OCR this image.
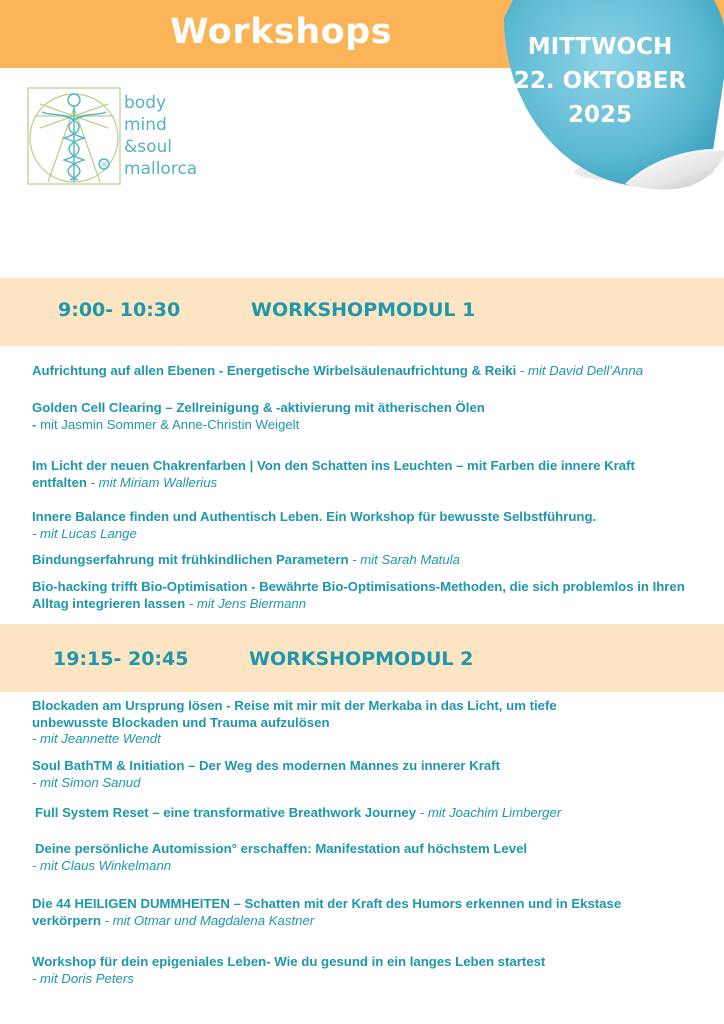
Workshops	MITTWOCH
22. OKTOBER
2025
®
body
mind
&soul
mallorca
9:00- 10:30	WORKSHOPMODUL 1
Aufrichtung auf allen Ebenen - Energetische Wirbelsäulenaufrichtung & Reiki - mit David Dell’Anna
Golden Cell Clearing – Zellreinigung & -aktivierung mit ätherischen Ölen
- mit Jasmin Sommer & Anne-Christin Weigelt
Im Licht der neuen Chakrenfarben | Von den Schatten ins Leuchten – mit Farben die innere Kraft entfalten - mit Miriam Wallerius
Innere Balance finden und Authentisch Leben. Ein Workshop für bewusste Selbstführung.
- mit Lucas Lange
Bindungserfahrung mit frühkindlichen Parametern - mit Sarah Matula
Bio-hacking trifft Bio-Optimisation - Bewährte Bio-Optimisations-Methoden, die sich problemlos in Ihren Alltag integrieren lassen - mit Jens Biermann
19:15- 20:45	WORKSHOPMODUL 2
Blockaden am Ursprung lösen - Reise mit mir mit der Merkaba in das Licht, um tiefe unbewusste Blockaden und Trauma aufzulösen
- mit Jeannette Wendt
Soul BathTM & Initiation – Der Weg des modernen Mannes zu innerer Kraft
- mit Simon Sanud
Full System Reset – eine transformative Breathwork Journey - mit Joachim Limberger
Deine persönliche Automission° erschaffen: Manifestation auf höchstem Level
- mit Claus Winkelmann
Die 44 HEILIGEN DUMMHEITEN – Schatten mit der Kraft des Humors erkennen und in Ekstase verkörpern - mit Otmar und Magdalena Kastner
Workshop für dein epigeniales Leben- Wie du gesund in ein langes Leben startest
- mit Doris Peters
